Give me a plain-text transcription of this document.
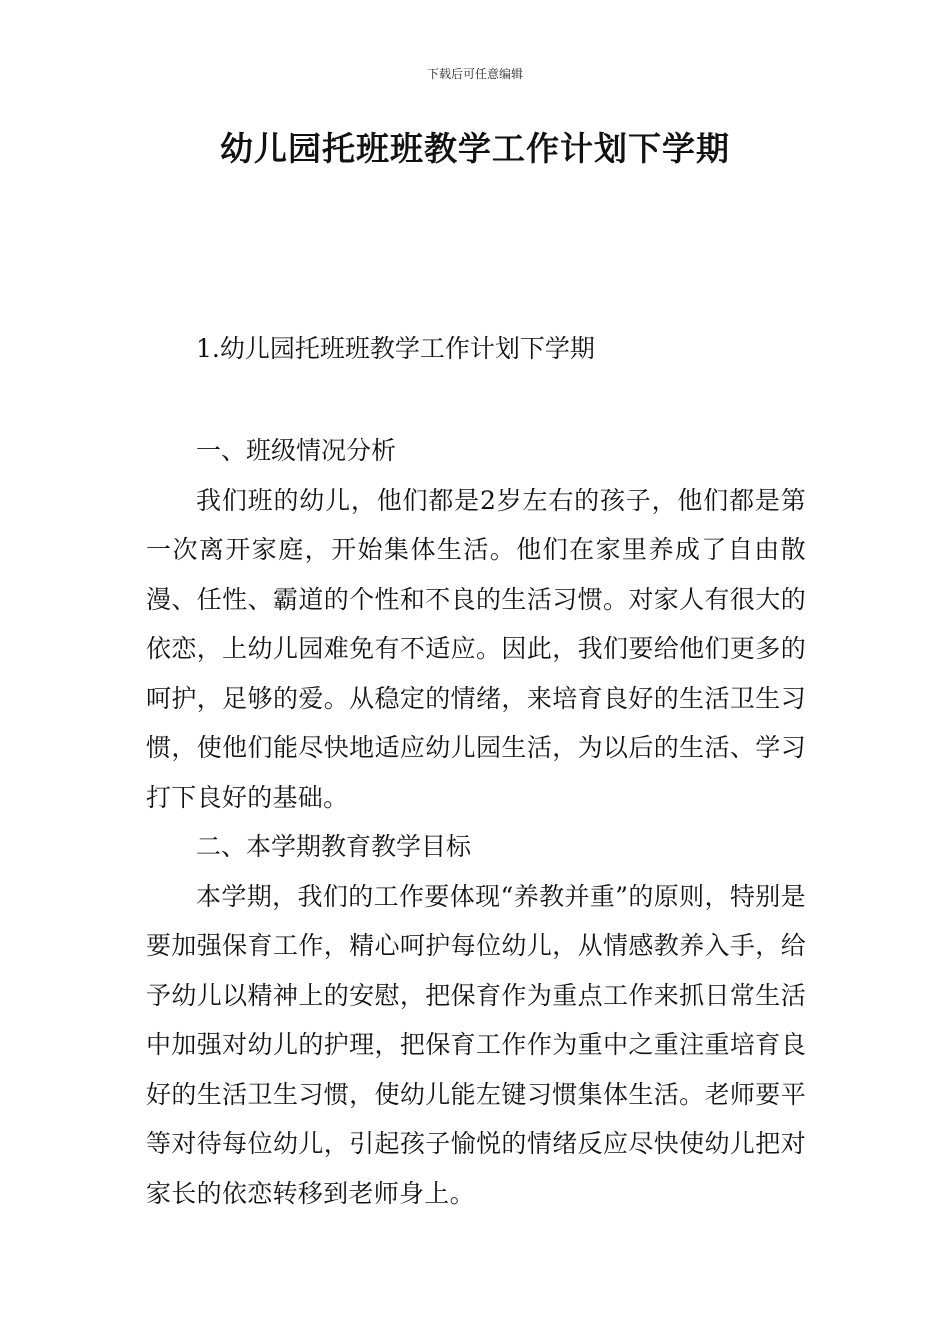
下载后可任意编辑
幼儿园托班班教学工作计划下学期
1.幼儿园托班班教学工作计划下学期

一、班级情况分析

我们班的幼儿，他们都是2岁左右的孩子，他们都是第一次离开家庭，开始集体生活。他们在家里养成了自由散漫、任性、霸道的个性和不良的生活习惯。对家人有很大的依恋，上幼儿园难免有不适应。因此，我们要给他们更多的呵护，足够的爱。从稳定的情绪，来培育良好的生活卫生习惯，使他们能尽快地适应幼儿园生活，为以后的生活、学习打下良好的基础。

二、本学期教育教学目标

本学期，我们的工作要体现“养教并重”的原则，特别是要加强保育工作，精心呵护每位幼儿，从情感教养入手，给予幼儿以精神上的安慰，把保育作为重点工作来抓日常生活中加强对幼儿的护理，把保育工作作为重中之重注重培育良好的生活卫生习惯，使幼儿能左键习惯集体生活。老师要平等对待每位幼儿，引起孩子愉悦的情绪反应尽快使幼儿把对家长的依恋转移到老师身上。
